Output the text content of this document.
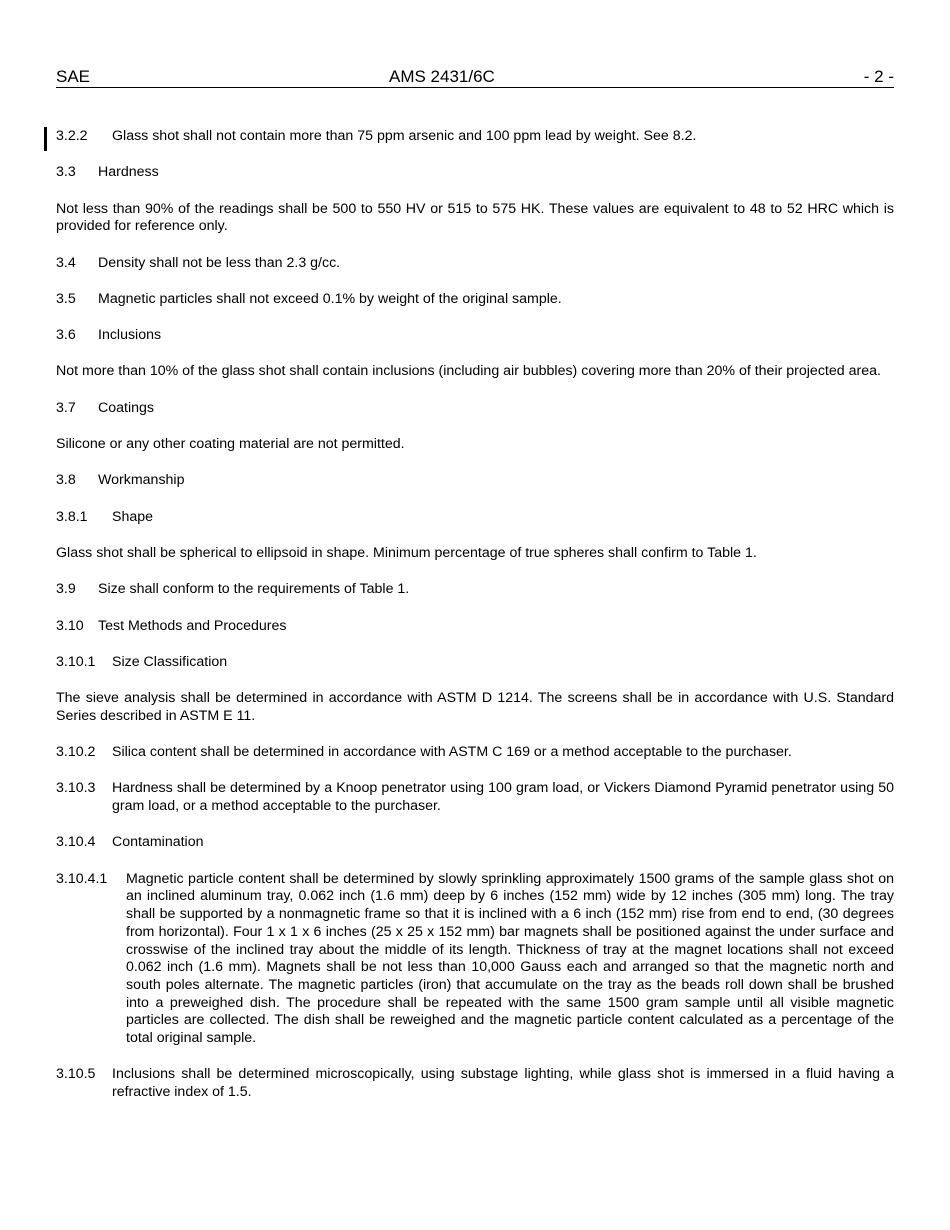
SAE	AMS 2431/6C	- 2 -
3.2.2	Glass shot shall not contain more than 75 ppm arsenic and 100 ppm lead by weight. See 8.2.
3.3	Hardness

Not less than 90% of the readings shall be 500 to 550 HV or 515 to 575 HK. These values are equivalent to 48 to 52 HRC which is provided for reference only.

3.4	Density shall not be less than 2.3 g/cc.
3.5	Magnetic particles shall not exceed 0.1% by weight of the original sample.
3.6	Inclusions

Not more than 10% of the glass shot shall contain inclusions (including air bubbles) covering more than 20% of their projected area.

3.7	Coatings

Silicone or any other coating material are not permitted.

3.8	Workmanship
3.8.1	Shape

Glass shot shall be spherical to ellipsoid in shape. Minimum percentage of true spheres shall confirm to Table 1.

3.9	Size shall conform to the requirements of Table 1.
3.10	Test Methods and Procedures
3.10.1	Size Classification

The sieve analysis shall be determined in accordance with ASTM D 1214. The screens shall be in accordance with U.S. Standard Series described in ASTM E 11.

3.10.2	Silica content shall be determined in accordance with ASTM C 169 or a method acceptable to the purchaser.
3.10.3	Hardness shall be determined by a Knoop penetrator using 100 gram load, or Vickers Diamond Pyramid penetrator using 50 gram load, or a method acceptable to the purchaser.
3.10.4	Contamination
3.10.4.1	Magnetic particle content shall be determined by slowly sprinkling approximately 1500 grams of the sample glass shot on an inclined aluminum tray, 0.062 inch (1.6 mm) deep by 6 inches (152 mm) wide by 12 inches (305 mm) long. The tray shall be supported by a nonmagnetic frame so that it is inclined with a 6 inch (152 mm) rise from end to end, (30 degrees from horizontal). Four 1 x 1 x 6 inches (25 x 25 x 152 mm) bar magnets shall be positioned against the under surface and crosswise of the inclined tray about the middle of its length. Thickness of tray at the magnet locations shall not exceed 0.062 inch (1.6 mm). Magnets shall be not less than 10,000 Gauss each and arranged so that the magnetic north and south poles alternate. The magnetic particles (iron) that accumulate on the tray as the beads roll down shall be brushed into a preweighed dish. The procedure shall be repeated with the same 1500 gram sample until all visible magnetic particles are collected. The dish shall be reweighed and the magnetic particle content calculated as a percentage of the total original sample.
3.10.5	Inclusions shall be determined microscopically, using substage lighting, while glass shot is immersed in a fluid having a refractive index of 1.5.
